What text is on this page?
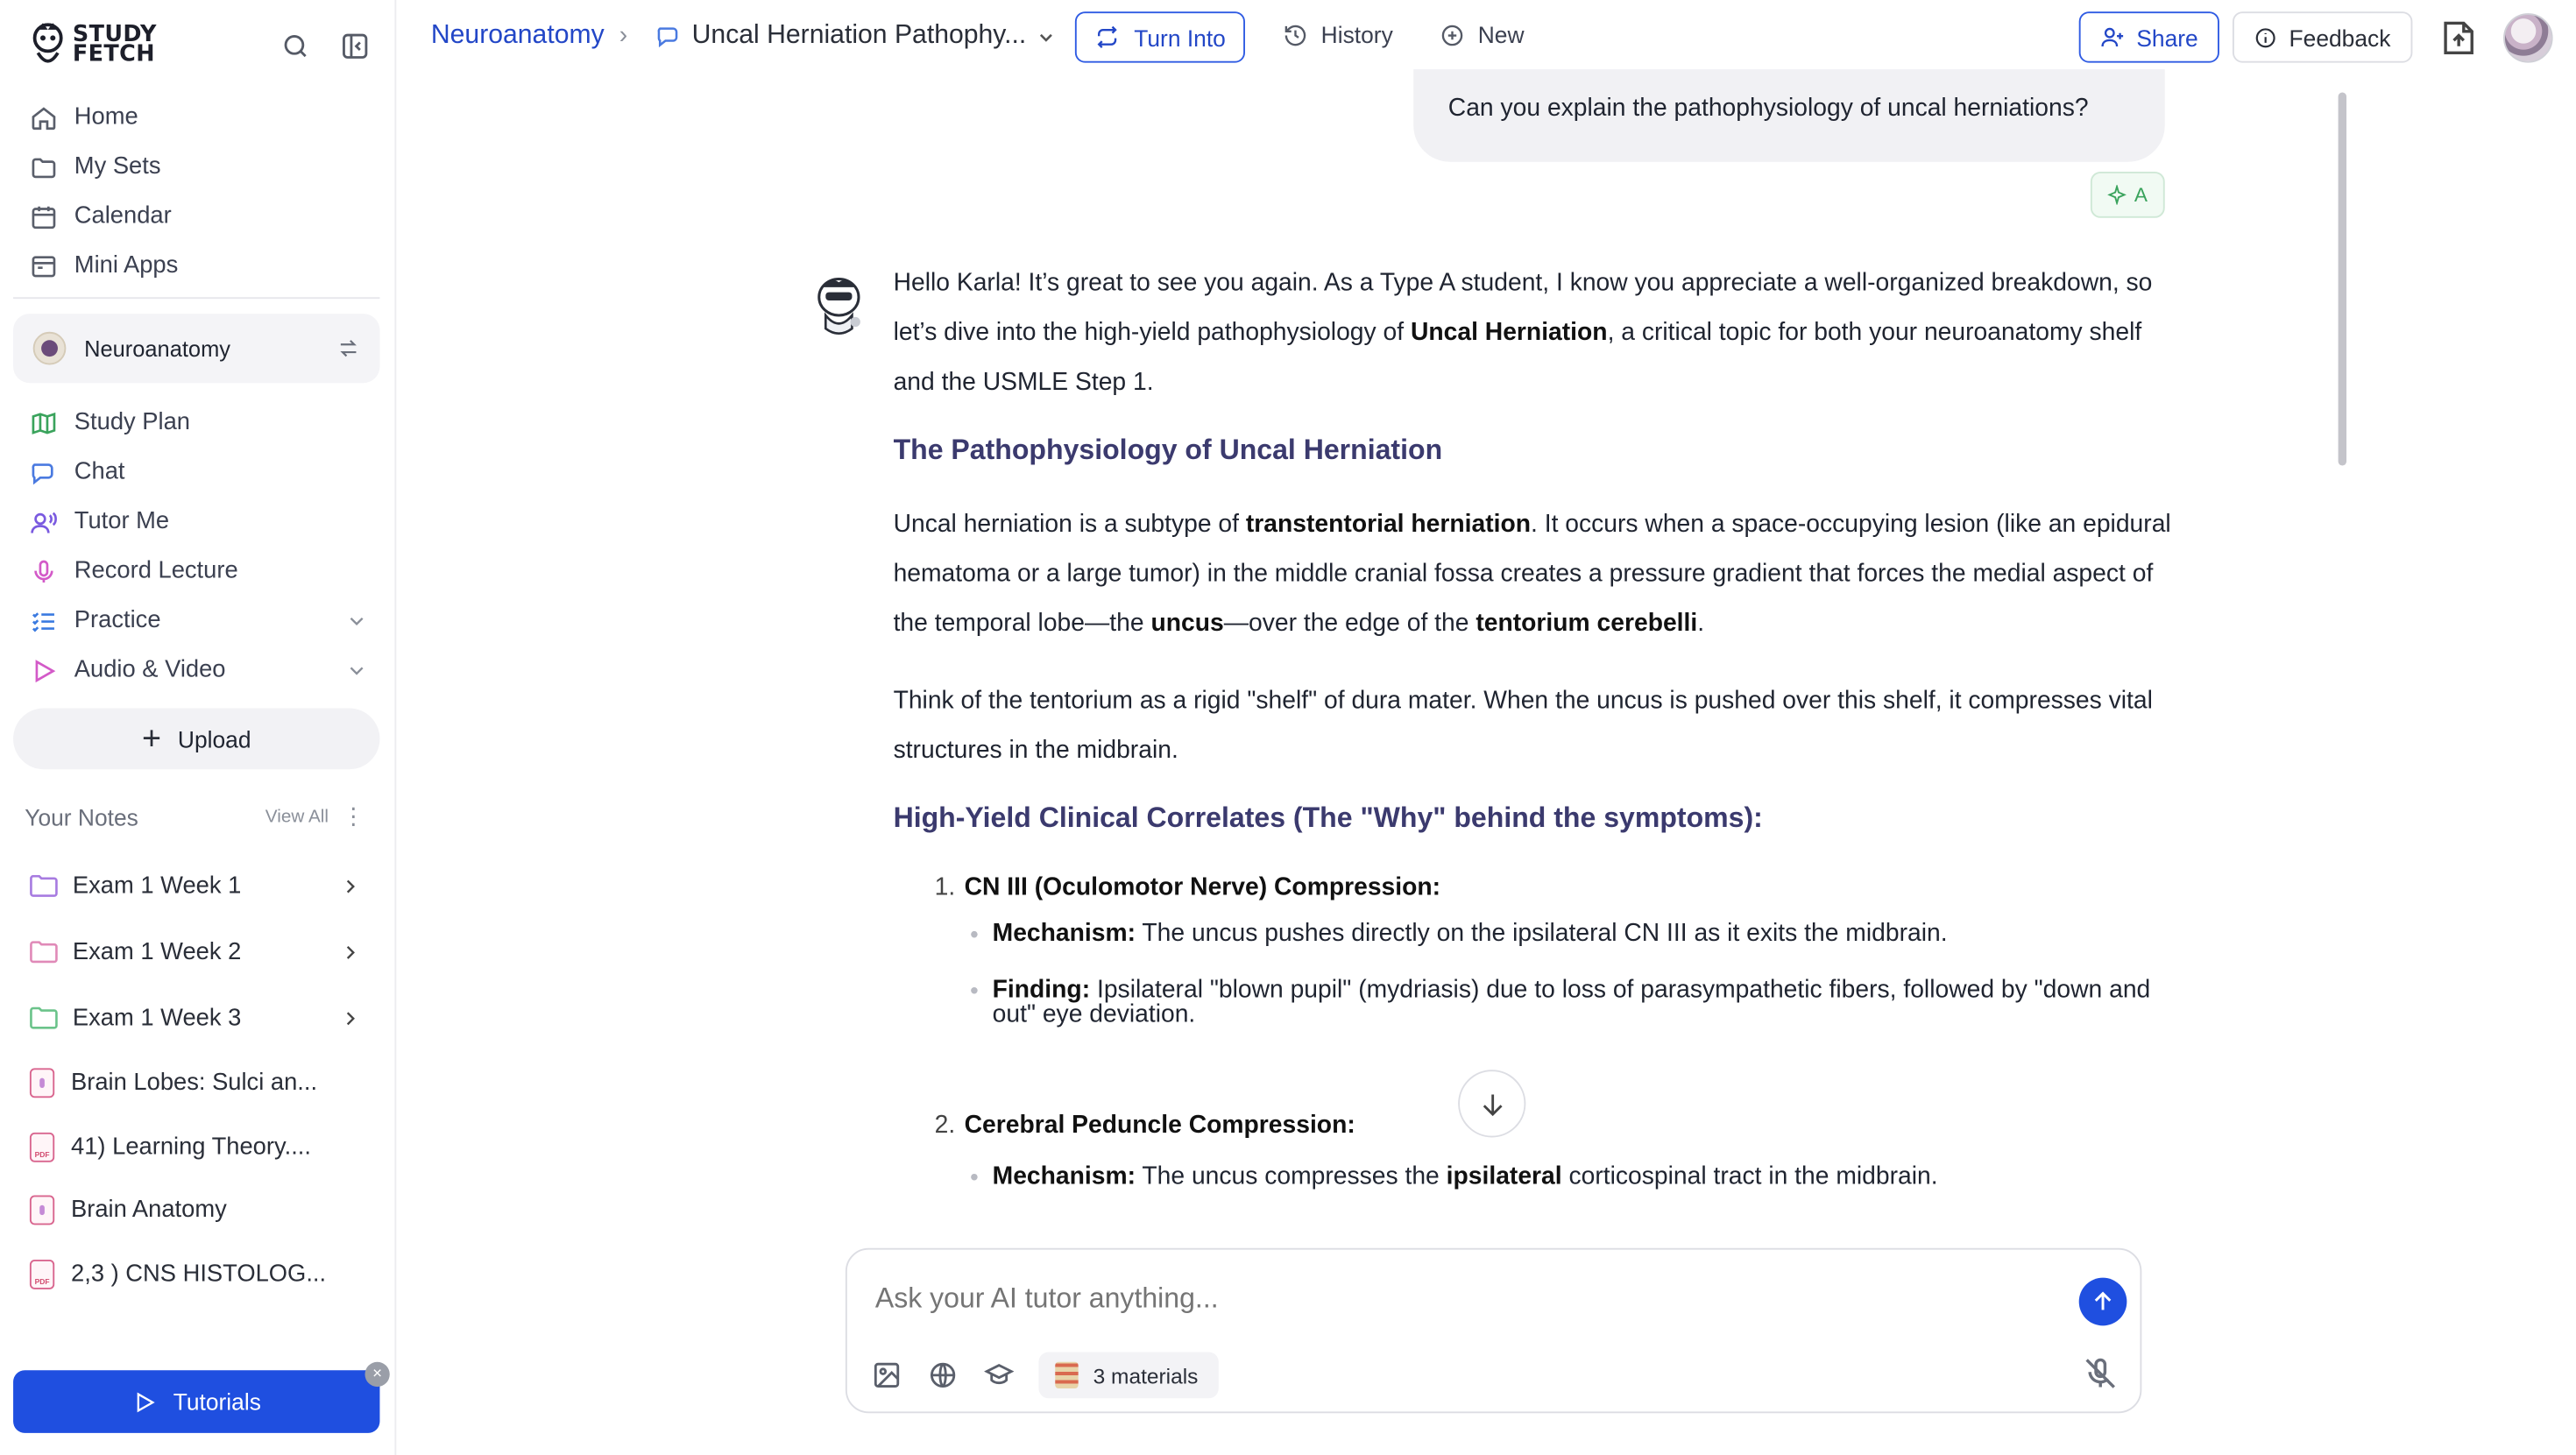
STUDY
FETCH
Home
My Sets
Calendar
Mini Apps
Neuroanatomy
Study Plan
Chat
Tutor Me
Record Lecture
Practice
Audio & Video
+ Upload
Your Notes	View All ⋮
Exam 1 Week 1
Exam 1 Week 2
Exam 1 Week 3
Brain Lobes: Sulci an...
PDF
41) Learning Theory....
Brain Anatomy
PDF
2,3 ) CNS HISTOLOG...
Tutorials
×
Neuroanatomy ›	Uncal Herniation Pathophy...	Turn Into	History	New	Share	Feedback
Can you explain the pathophysiology of uncal herniations?
A
Hello Karla! It’s great to see you again. As a Type A student, I know you appreciate a well-organized breakdown, so let’s dive into the high-yield pathophysiology of Uncal Herniation, a critical topic for both your neuroanatomy shelf and the USMLE Step 1.
The Pathophysiology of Uncal Herniation
Uncal herniation is a subtype of transtentorial herniation. It occurs when a space-occupying lesion (like an epidural hematoma or a large tumor) in the middle cranial fossa creates a pressure gradient that forces the medial aspect of the temporal lobe—the uncus—over the edge of the tentorium cerebelli.
Think of the tentorium as a rigid "shelf" of dura mater. When the uncus is pushed over this shelf, it compresses vital structures in the midbrain.
High-Yield Clinical Correlates (The "Why" behind the symptoms):
1. CN III (Oculomotor Nerve) Compression:
Mechanism: The uncus pushes directly on the ipsilateral CN III as it exits the midbrain.
Finding: Ipsilateral "blown pupil" (mydriasis) due to loss of parasympathetic fibers, followed by "down and out" eye deviation.
2. Cerebral Peduncle Compression:
Mechanism: The uncus compresses the ipsilateral corticospinal tract in the midbrain.
Ask your AI tutor anything...
3 materials
